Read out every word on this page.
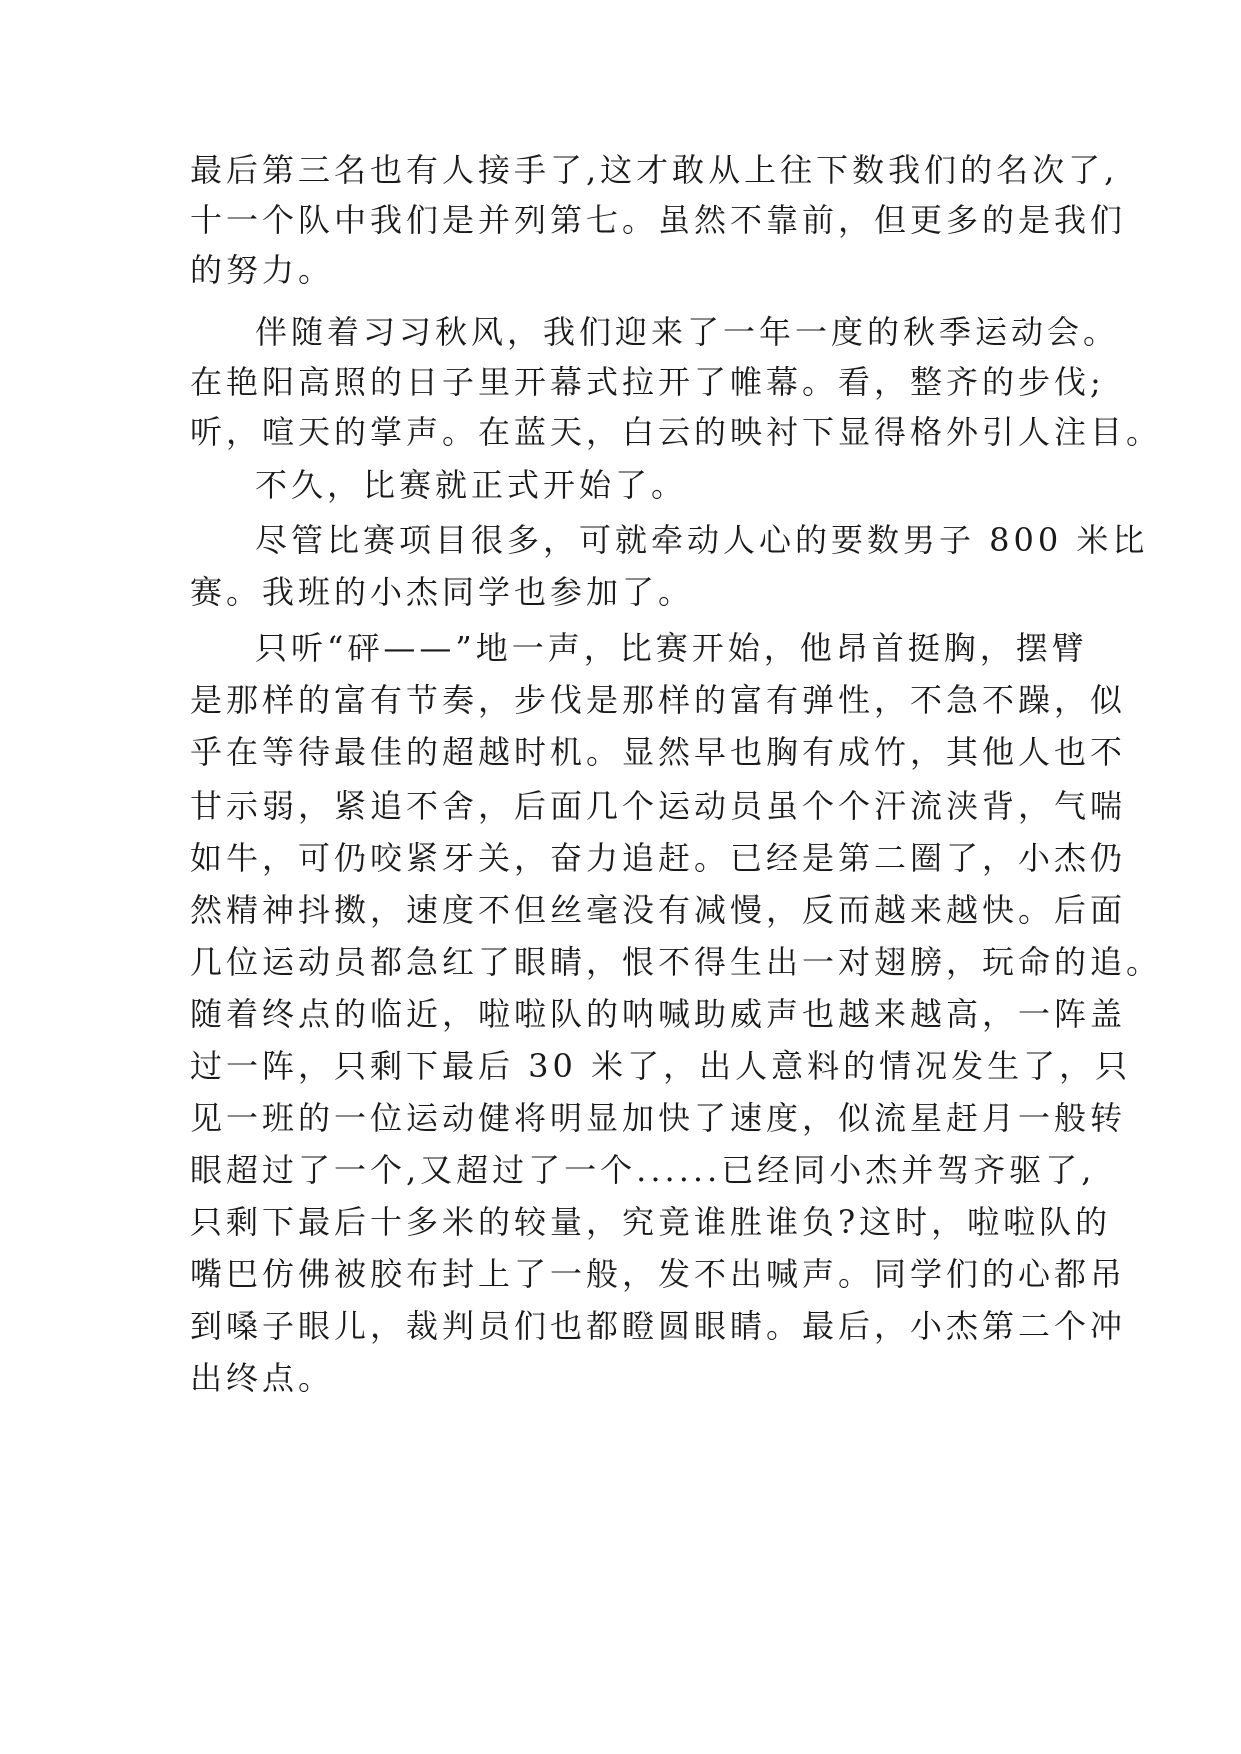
最后第三名也有人接手了,这才敢从上往下数我们的名次了,
十一个队中我们是并列第七。虽然不靠前，但更多的是我们
的努力。
伴随着习习秋风，我们迎来了一年一度的秋季运动会。
在艳阳高照的日子里开幕式拉开了帷幕。看，整齐的步伐;
听，喧天的掌声。在蓝天，白云的映衬下显得格外引人注目。
不久，比赛就正式开始了。
尽管比赛项目很多，可就牵动人心的要数男子 800 米比
赛。我班的小杰同学也参加了。
只听“砰——”地一声，比赛开始，他昂首挺胸，摆臂
是那样的富有节奏，步伐是那样的富有弹性，不急不躁，似
乎在等待最佳的超越时机。显然早也胸有成竹，其他人也不
甘示弱，紧追不舍，后面几个运动员虽个个汗流浃背，气喘
如牛，可仍咬紧牙关，奋力追赶。已经是第二圈了，小杰仍
然精神抖擞，速度不但丝毫没有减慢，反而越来越快。后面
几位运动员都急红了眼睛，恨不得生出一对翅膀，玩命的追。
随着终点的临近，啦啦队的呐喊助威声也越来越高，一阵盖
过一阵，只剩下最后 30 米了，出人意料的情况发生了，只
见一班的一位运动健将明显加快了速度，似流星赶月一般转
眼超过了一个,又超过了一个......已经同小杰并驾齐驱了,
只剩下最后十多米的较量，究竟谁胜谁负?这时，啦啦队的
嘴巴仿佛被胶布封上了一般，发不出喊声。同学们的心都吊
到嗓子眼儿，裁判员们也都瞪圆眼睛。最后，小杰第二个冲
出终点。
